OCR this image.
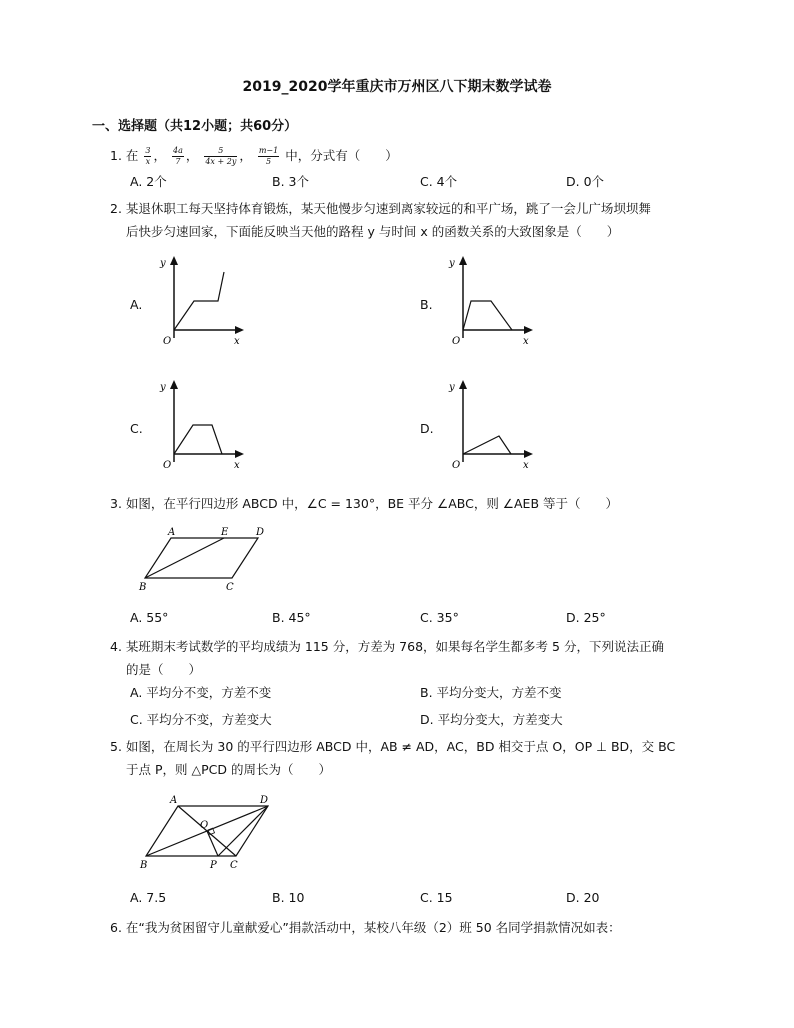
2019_2020学年重庆市万州区八下期末数学试卷
一、选择题（共12小题；共60分）
1. 在 $\frac{3}{x}$ ， $\frac{4a}{7}$ ， $\frac{5}{4x + 2y}$ ， $\frac{m-1}{5}$ 中，分式有（　　）
A. 2个	B. 3个	C. 4个	D. 0个
2. 某退休职工每天坚持体育锻炼，某天他慢步匀速到离家较远的和平广场，跳了一会儿广场坝坝舞
后快步匀速回家，下面能反映当天他的路程 y 与时间 x 的函数关系的大致图象是（　　）
A.	B.
C.	D.
y
x
O
y
x
O
y
x
O
y
x
O
3. 如图，在平行四边形 ABCD 中，∠C = 130°，BE 平分 ∠ABC，则 ∠AEB 等于（　　）
A	E	D
B	C
A. 55°	B. 45°	C. 35°	D. 25°
4. 某班期末考试数学的平均成绩为 115 分，方差为 768，如果每名学生都多考 5 分，下列说法正确
的是（　　）
A. 平均分不变，方差不变	B. 平均分变大，方差不变
C. 平均分不变，方差变大	D. 平均分变大，方差变大
5. 如图，在周长为 30 的平行四边形 ABCD 中，AB ≠ AD，AC，BD 相交于点 O，OP ⊥ BD，交 BC
于点 P，则 △PCD 的周长为（　　）
A	D
O
B	P C
A. 7.5	B. 10	C. 15	D. 20
6. 在“我为贫困留守儿童献爱心”捐款活动中，某校八年级（2）班 50 名同学捐款情况如表：
